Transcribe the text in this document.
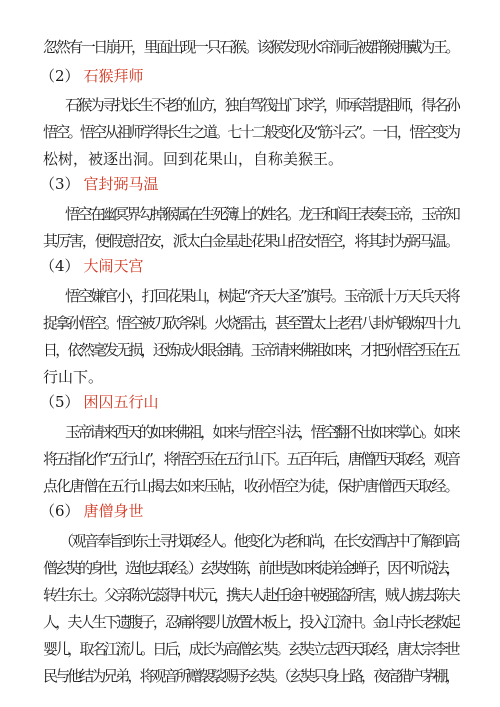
忽然有一日崩开，里面出现一只石猴。该猴发现水帘洞后被群猴拥戴为王。
（2） 石猴拜师
石猴为寻找长生不老的仙方，独自驾筏出门求学，师承菩提祖师，得名孙
悟空。悟空从祖师学得长生之道。七十二般变化及“筋斗云”。一日，悟空变为
松树，被逐出洞。回到花果山，自称美猴王。
（3） 官封弼马温
悟空在幽冥界勾掉猴属在生死簿上的姓名。龙王和阎王表奏玉帝，玉帝知
其厉害，便假意招安，派太白金星赴花果山招安悟空，将其封为弼马温。
（4） 大闹天宫
悟空嫌官小，打回花果山，树起“齐天大圣”旗号。玉帝派十万天兵天将
捉拿孙悟空。悟空被刀砍斧剁。火烧雷击，甚至置太上老君八卦炉锻炼四十九
日，依然毫发无损，还炼成火眼金睛。玉帝请来佛祖如来，才把孙悟空压在五
行山下。
（5） 困囚五行山
玉帝请来西天的如来佛祖，如来与悟空斗法，悟空翻不出如来掌心。如来
将五指化作“五行山”，将悟空压在五行山下。五百年后，唐僧西天取经，观音
点化唐僧在五行山揭去如来压帖，收孙悟空为徒，保护唐僧西天取经。
（6） 唐僧身世
（观音奉旨到东土寻找取经人。他变化为老和尚，在长安酒店中了解到高
僧玄奘的身世，选他去取经。）玄奘姓陈，前世是如来徒弟金蝉子，因不听说法，
转生东土。父亲陈光蕊得中状元，携夫人赴任途中被强盗所害，贼人掳去陈夫
人，夫人生下遗腹子，忍痛将婴儿放置木板上，投入江流中。金山寺长老救起
婴儿，取名江流儿。日后，成长为高僧玄 奘。玄奘立志西天取经，唐太宗李世
民与他结为兄弟，将观音所赠袈裟赐予玄奘。（玄奘只身上路，夜宿猎户茅棚，
